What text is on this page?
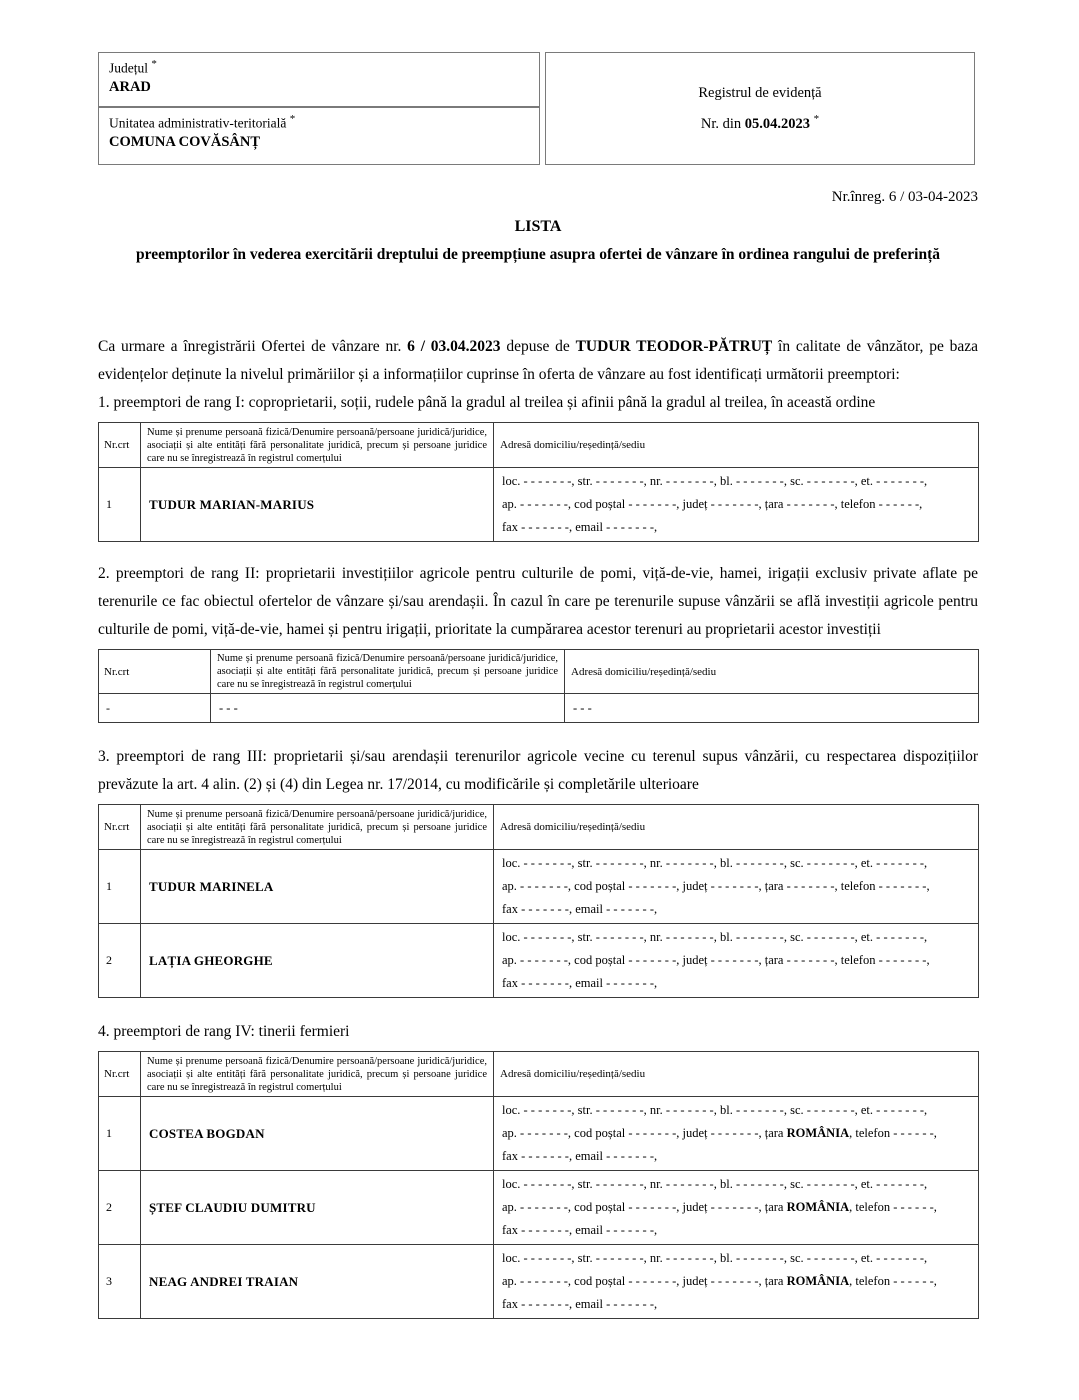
Județul *
ARAD
Unitatea administrativ-teritorială *
COMUNA COVĂSÂNȚ
Registrul de evidență
Nr. din 05.04.2023 *
Nr.înreg. 6 / 03-04-2023
LISTA
preemptorilor în vederea exercitării dreptului de preempțiune asupra ofertei de vânzare în ordinea rangului de preferință

Ca urmare a înregistrării Ofertei de vânzare nr. 6 / 03.04.2023 depuse de TUDUR TEODOR-PĂTRUȚ în calitate de vânzător, pe baza evidențelor deținute la nivelul primăriilor și a informațiilor cuprinse în oferta de vânzare au fost identificați următorii preemptori:

1. preemptori de rang I: coproprietarii, soții, rudele până la gradul al treilea și afinii până la gradul al treilea, în această ordine

Nr.crt	Nume și prenume persoană fizică/Denumire persoană/persoane juridică/juridice, asociații și alte entități fără personalitate juridică, precum și persoane juridice care nu se înregistrează în registrul comerțului	Adresă domiciliu/reședință/sediu
1	TUDUR MARIAN-MARIUS	loc. - - - - - - -, str. - - - - - - -, nr. - - - - - - -, bl. - - - - - - -, sc. - - - - - - -, et. - - - - - - -,
ap. - - - - - - -, cod poștal - - - - - - -, județ - - - - - - -, țara - - - - - - -, telefon - - - - - -,
fax - - - - - - -, email - - - - - - -,

2. preemptori de rang II: proprietarii investițiilor agricole pentru culturile de pomi, viță-de-vie, hamei, irigații exclusiv private aflate pe terenurile ce fac obiectul ofertelor de vânzare și/sau arendașii. În cazul în care pe terenurile supuse vânzării se află investiții agricole pentru culturile de pomi, viță-de-vie, hamei și pentru irigații, prioritate la cumpărarea acestor terenuri au proprietarii acestor investiții

Nr.crt	Nume și prenume persoană fizică/Denumire persoană/persoane juridică/juridice, asociații și alte entități fără personalitate juridică, precum și persoane juridice care nu se înregistrează în registrul comerțului	Adresă domiciliu/reședință/sediu
-	- - -	- - -

3. preemptori de rang III: proprietarii și/sau arendașii terenurilor agricole vecine cu terenul supus vânzării, cu respectarea dispozițiilor prevăzute la art. 4 alin. (2) și (4) din Legea nr. 17/2014, cu modificările și completările ulterioare

Nr.crt	Nume și prenume persoană fizică/Denumire persoană/persoane juridică/juridice, asociații și alte entități fără personalitate juridică, precum și persoane juridice care nu se înregistrează în registrul comerțului	Adresă domiciliu/reședință/sediu
1	TUDUR MARINELA	loc. - - - - - - -, str. - - - - - - -, nr. - - - - - - -, bl. - - - - - - -, sc. - - - - - - -, et. - - - - - - -,
ap. - - - - - - -, cod poștal - - - - - - -, județ - - - - - - -, țara - - - - - - -, telefon - - - - - - -,
fax - - - - - - -, email - - - - - - -,

2	LAȚIA GHEORGHE	loc. - - - - - - -, str. - - - - - - -, nr. - - - - - - -, bl. - - - - - - -, sc. - - - - - - -, et. - - - - - - -,
ap. - - - - - - -, cod poștal - - - - - - -, județ - - - - - - -, țara - - - - - - -, telefon - - - - - - -,
fax - - - - - - -, email - - - - - - -,

4. preemptori de rang IV: tinerii fermieri

Nr.crt	Nume și prenume persoană fizică/Denumire persoană/persoane juridică/juridice, asociații și alte entități fără personalitate juridică, precum și persoane juridice care nu se înregistrează în registrul comerțului	Adresă domiciliu/reședință/sediu
1	COSTEA BOGDAN	loc. - - - - - - -, str. - - - - - - -, nr. - - - - - - -, bl. - - - - - - -, sc. - - - - - - -, et. - - - - - - -,
ap. - - - - - - -, cod poștal - - - - - - -, județ - - - - - - -, țara ROMÂNIA, telefon - - - - - -,
fax - - - - - - -, email - - - - - - -,

2	ȘTEF CLAUDIU DUMITRU	loc. - - - - - - -, str. - - - - - - -, nr. - - - - - - -, bl. - - - - - - -, sc. - - - - - - -, et. - - - - - - -,
ap. - - - - - - -, cod poștal - - - - - - -, județ - - - - - - -, țara ROMÂNIA, telefon - - - - - -,
fax - - - - - - -, email - - - - - - -,

3	NEAG ANDREI TRAIAN	loc. - - - - - - -, str. - - - - - - -, nr. - - - - - - -, bl. - - - - - - -, sc. - - - - - - -, et. - - - - - - -,
ap. - - - - - - -, cod poștal - - - - - - -, județ - - - - - - -, țara ROMÂNIA, telefon - - - - - -,
fax - - - - - - -, email - - - - - - -,
